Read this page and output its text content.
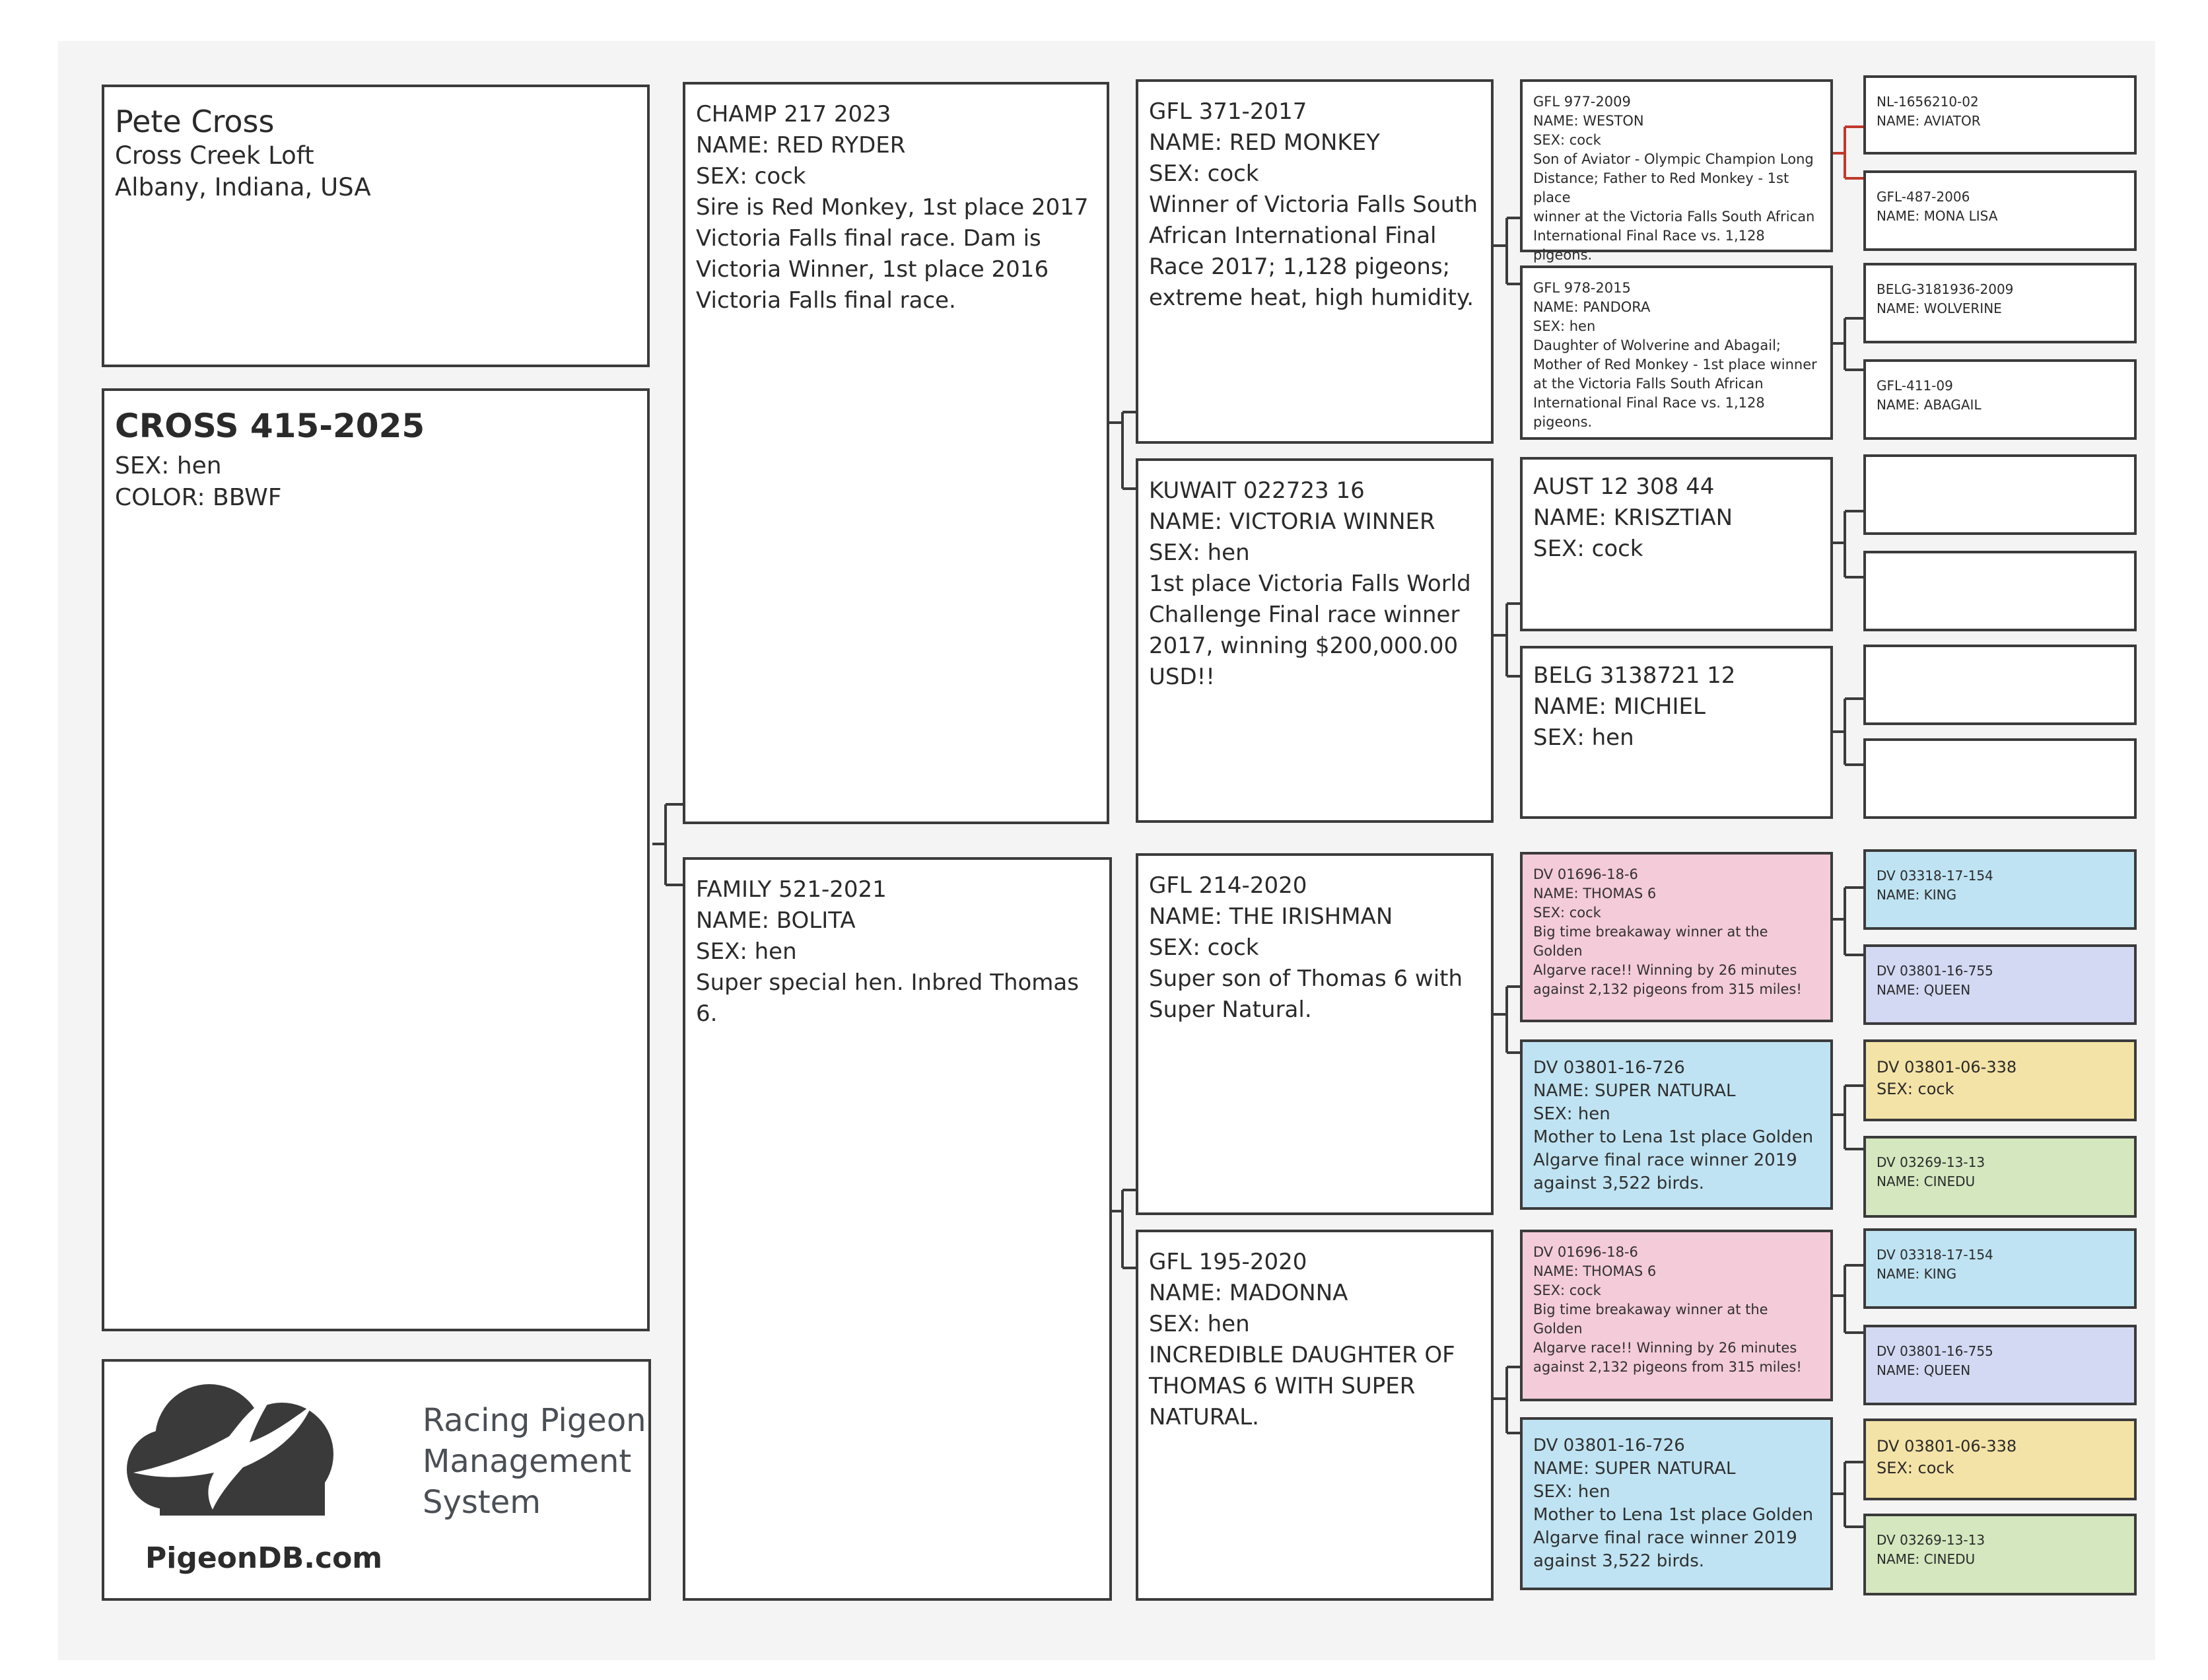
Pete Cross
Cross Creek Loft
Albany, Indiana, USA
CROSS 415-2025
SEX: hen
COLOR: BBWF
Racing Pigeon
Management
System
PigeonDB.com
CHAMP 217 2023
NAME: RED RYDER
SEX: cock
Sire is Red Monkey, 1st place 2017
Victoria Falls final race. Dam is
Victoria Winner, 1st place 2016
Victoria Falls final race.
FAMILY 521-2021
NAME: BOLITA
SEX: hen
Super special hen. Inbred Thomas 6.
GFL 371-2017
NAME: RED MONKEY
SEX: cock
Winner of Victoria Falls South
African International Final
Race 2017; 1,128 pigeons;
extreme heat, high humidity.
KUWAIT 022723 16
NAME: VICTORIA WINNER
SEX: hen
1st place Victoria Falls World
Challenge Final race winner
2017, winning $200,000.00
USD!!
GFL 214-2020
NAME: THE IRISHMAN
SEX: cock
Super son of Thomas 6 with
Super Natural.
GFL 195-2020
NAME: MADONNA
SEX: hen
INCREDIBLE DAUGHTER OF
THOMAS 6 WITH SUPER
NATURAL.
GFL 977-2009
NAME: WESTON
SEX: cock
Son of Aviator - Olympic Champion Long
Distance; Father to Red Monkey - 1st place
winner at the Victoria Falls South African
International Final Race vs. 1,128 pigeons.
GFL 978-2015
NAME: PANDORA
SEX: hen
Daughter of Wolverine and Abagail;
Mother of Red Monkey - 1st place winner
at the Victoria Falls South African
International Final Race vs. 1,128 pigeons.
AUST 12 308 44
NAME: KRISZTIAN
SEX: cock
BELG 3138721 12
NAME: MICHIEL
SEX: hen
DV 01696-18-6
NAME: THOMAS 6
SEX: cock
Big time breakaway winner at the Golden
Algarve race!! Winning by 26 minutes
against 2,132 pigeons from 315 miles!
DV 03801-16-726
NAME: SUPER NATURAL
SEX: hen
Mother to Lena 1st place Golden
Algarve final race winner 2019
against 3,522 birds.
DV 01696-18-6
NAME: THOMAS 6
SEX: cock
Big time breakaway winner at the Golden
Algarve race!! Winning by 26 minutes
against 2,132 pigeons from 315 miles!
DV 03801-16-726
NAME: SUPER NATURAL
SEX: hen
Mother to Lena 1st place Golden
Algarve final race winner 2019
against 3,522 birds.
NL-1656210-02
NAME: AVIATOR
GFL-487-2006
NAME: MONA LISA
BELG-3181936-2009
NAME: WOLVERINE
GFL-411-09
NAME: ABAGAIL
DV 03318-17-154
NAME: KING
DV 03801-16-755
NAME: QUEEN
DV 03801-06-338
SEX: cock
DV 03269-13-13
NAME: CINEDU
DV 03318-17-154
NAME: KING
DV 03801-16-755
NAME: QUEEN
DV 03801-06-338
SEX: cock
DV 03269-13-13
NAME: CINEDU
